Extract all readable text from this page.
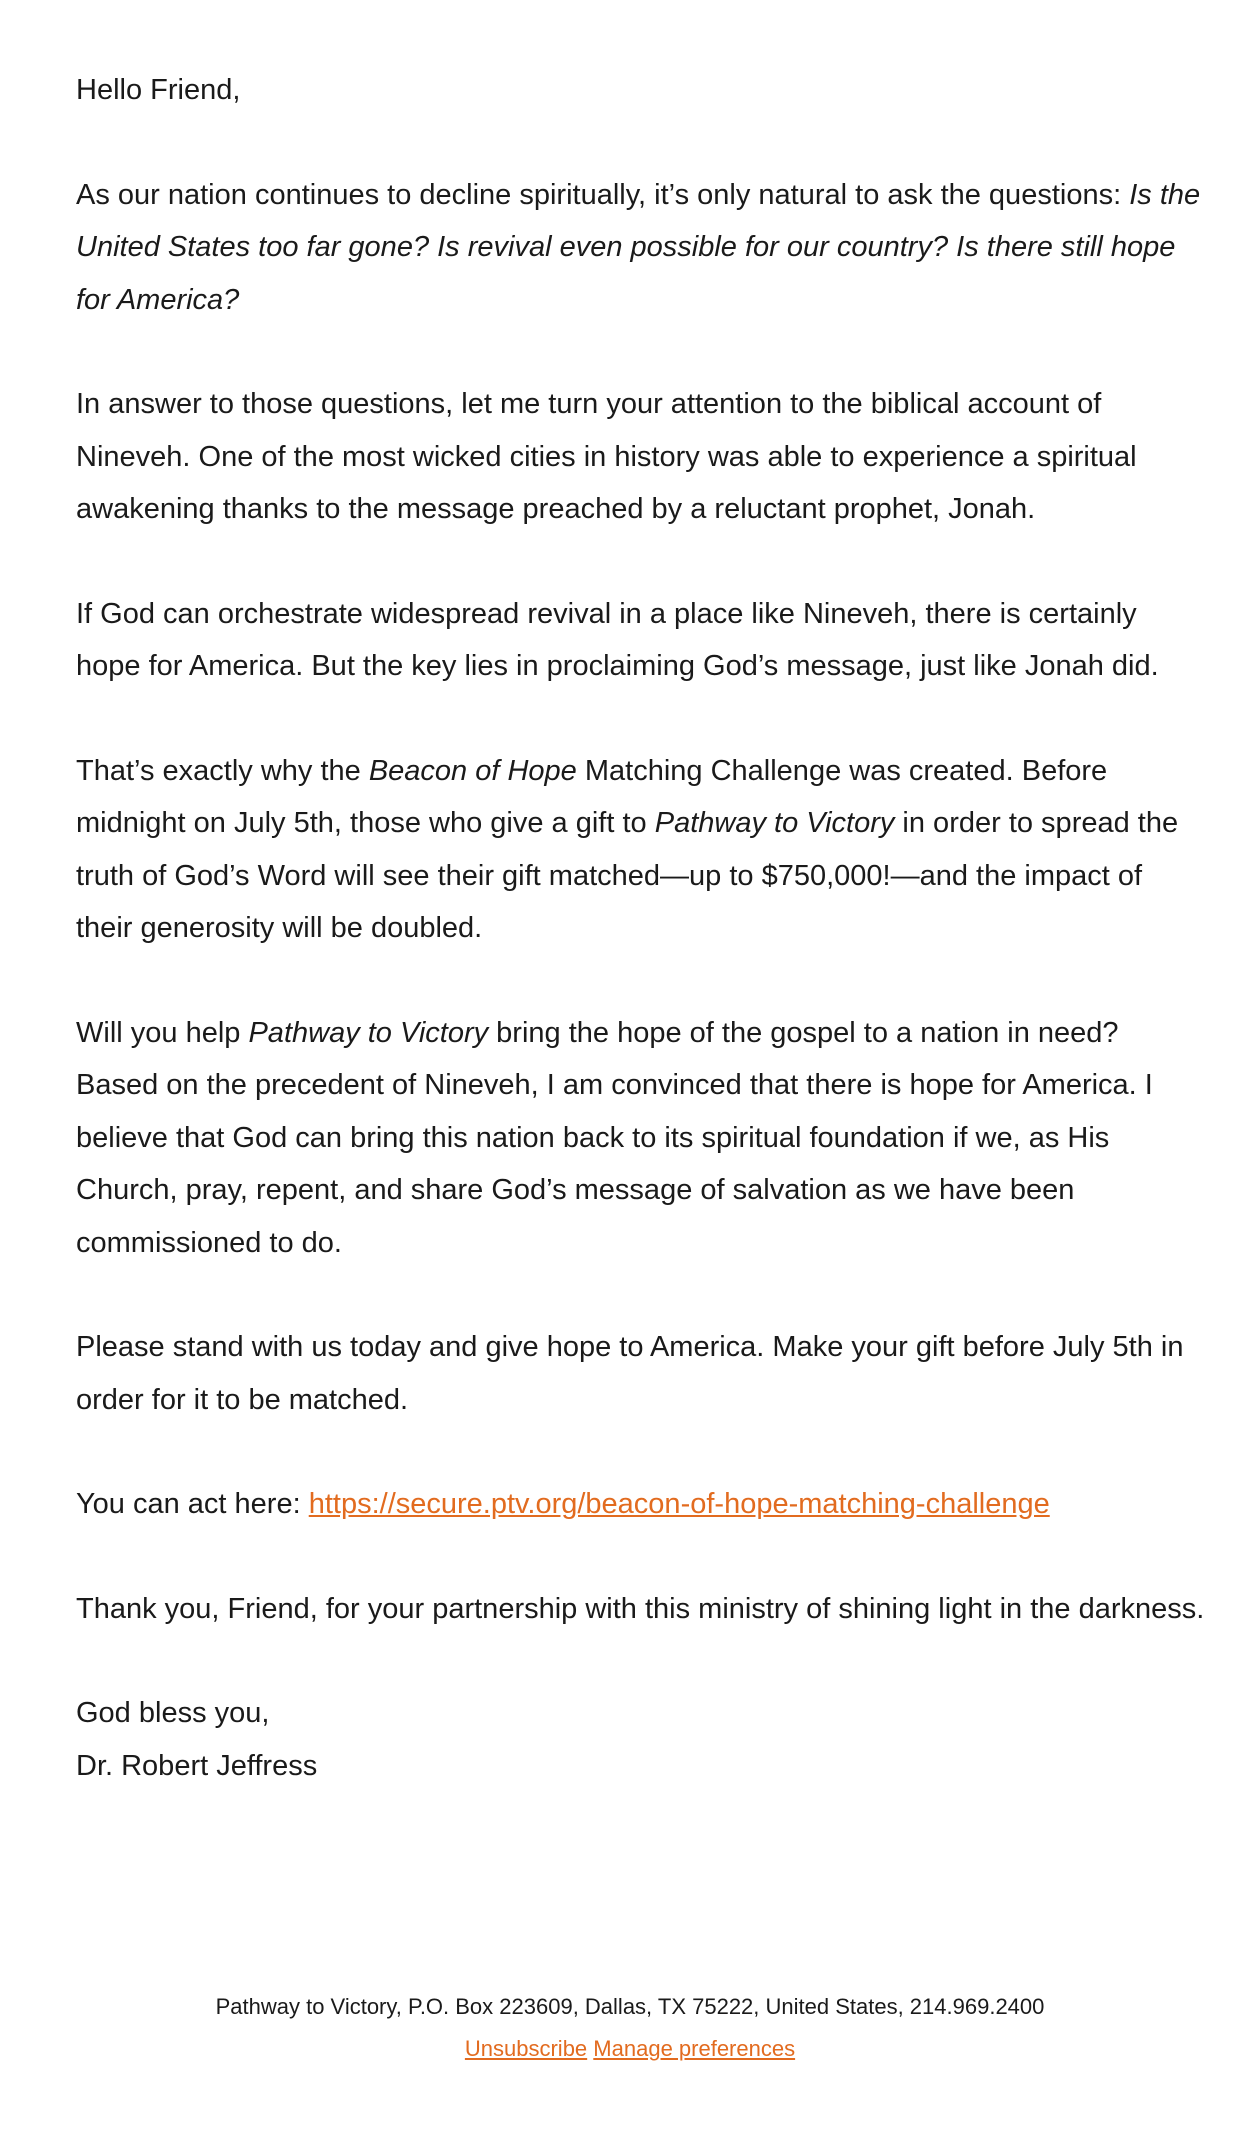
Hello Friend,

As our nation continues to decline spiritually, it’s only natural to ask the questions: Is the United States too far gone? Is revival even possible for our country? Is there still hope for America?

In answer to those questions, let me turn your attention to the biblical account of Nineveh. One of the most wicked cities in history was able to experience a spiritual awakening thanks to the message preached by a reluctant prophet, Jonah.

If God can orchestrate widespread revival in a place like Nineveh, there is certainly hope for America. But the key lies in proclaiming God’s message, just like Jonah did.

That’s exactly why the Beacon of Hope Matching Challenge was created. Before midnight on July 5th, those who give a gift to Pathway to Victory in order to spread the truth of God’s Word will see their gift matched—up to $750,000!—and the impact of their generosity will be doubled.

Will you help Pathway to Victory bring the hope of the gospel to a nation in need? Based on the precedent of Nineveh, I am convinced that there is hope for America. I believe that God can bring this nation back to its spiritual foundation if we, as His Church, pray, repent, and share God’s message of salvation as we have been commissioned to do.

Please stand with us today and give hope to America. Make your gift before July 5th in order for it to be matched.

You can act here: https://secure.ptv.org/beacon-of-hope-matching-challenge

Thank you, Friend, for your partnership with this ministry of shining light in the darkness.

God bless you,
Dr. Robert Jeffress

Pathway to Victory, P.O. Box 223609, Dallas, TX 75222, United States, 214.969.2400
Unsubscribe Manage preferences
